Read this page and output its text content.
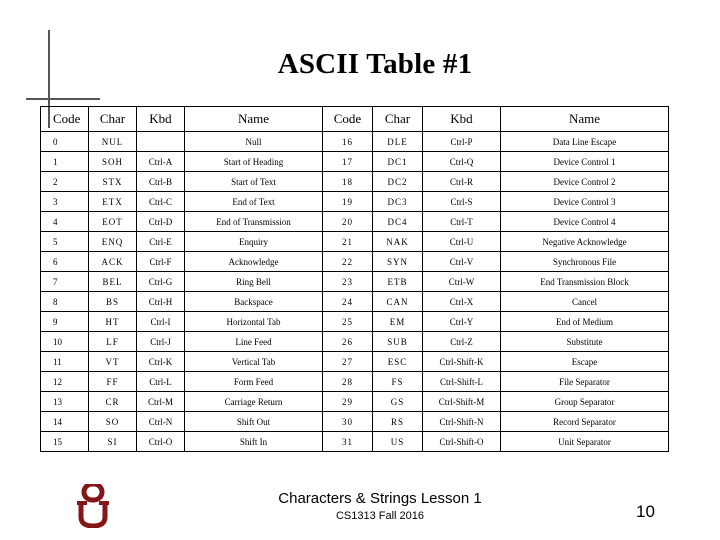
ASCII Table #1
Code	Char	Kbd	Name	Code	Char	Kbd	Name
0	NUL		Null	16	DLE	Ctrl-P	Data Line Escape
1	SOH	Ctrl-A	Start of Heading	17	DC1	Ctrl-Q	Device Control 1
2	STX	Ctrl-B	Start of Text	18	DC2	Ctrl-R	Device Control 2
3	ETX	Ctrl-C	End of Text	19	DC3	Ctrl-S	Device Control 3
4	EOT	Ctrl-D	End of Transmission	20	DC4	Ctrl-T	Device Control 4
5	ENQ	Ctrl-E	Enquiry	21	NAK	Ctrl-U	Negative Acknowledge
6	ACK	Ctrl-F	Acknowledge	22	SYN	Ctrl-V	Synchronous File
7	BEL	Ctrl-G	Ring Bell	23	ETB	Ctrl-W	End Transmission Block
8	BS	Ctrl-H	Backspace	24	CAN	Ctrl-X	Cancel
9	HT	Ctrl-I	Horizontal Tab	25	EM	Ctrl-Y	End of Medium
10	LF	Ctrl-J	Line Feed	26	SUB	Ctrl-Z	Substitute
11	VT	Ctrl-K	Vertical Tab	27	ESC	Ctrl-Shift-K	Escape
12	FF	Ctrl-L	Form Feed	28	FS	Ctrl-Shift-L	File Separator
13	CR	Ctrl-M	Carriage Return	29	GS	Ctrl-Shift-M	Group Separator
14	SO	Ctrl-N	Shift Out	30	RS	Ctrl-Shift-N	Record Separator
15	SI	Ctrl-O	Shift In	31	US	Ctrl-Shift-O	Unit Separator
Characters & Strings Lesson 1
CS1313 Fall 2016	10
